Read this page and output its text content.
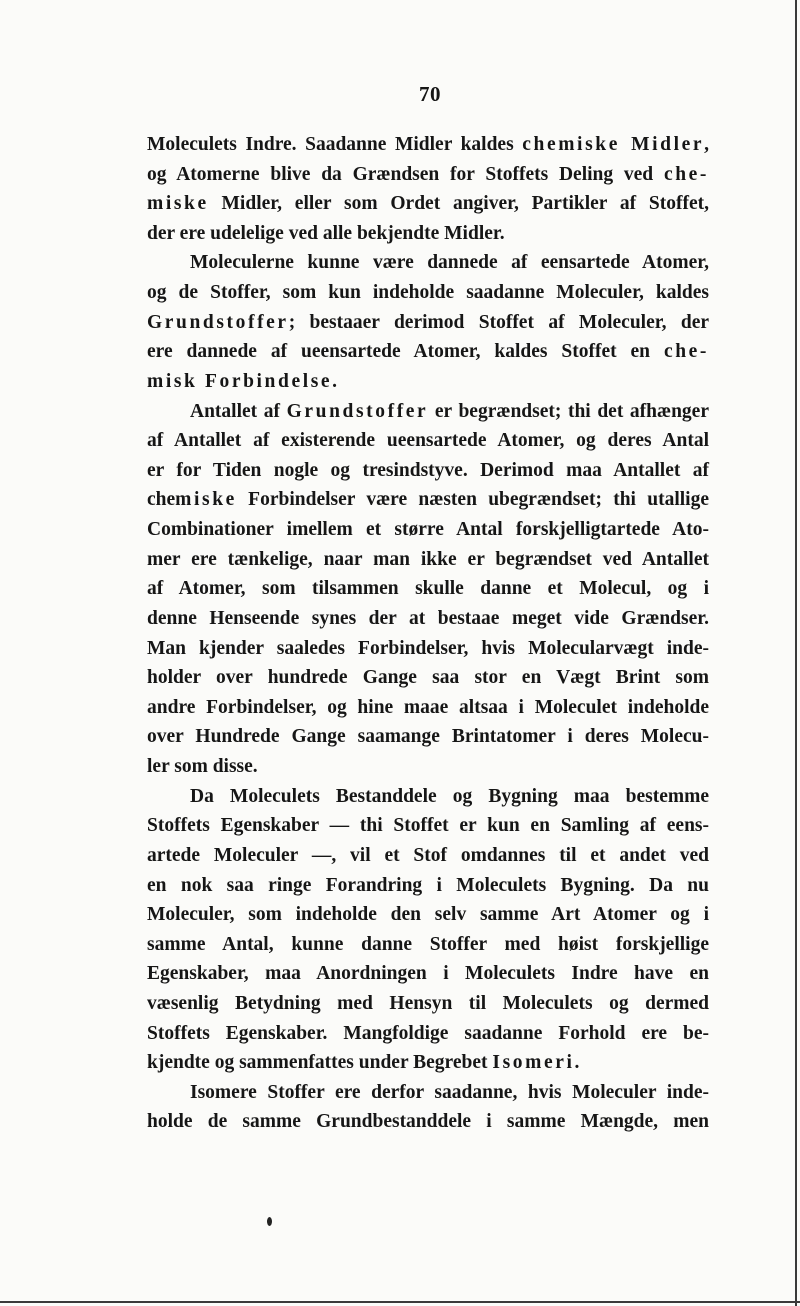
70
Moleculets Indre. Saadanne Midler kaldes chemiske Midler,
og Atomerne blive da Grændsen for Stoffets Deling ved che-
miske Midler, eller som Ordet angiver, Partikler af Stoffet,
der ere udelelige ved alle bekjendte Midler.
Moleculerne kunne være dannede af eensartede Atomer,
og de Stoffer, som kun indeholde saadanne Moleculer, kaldes
Grundstoffer; bestaaer derimod Stoffet af Moleculer, der
ere dannede af ueensartede Atomer, kaldes Stoffet en che-
misk Forbindelse.
Antallet af Grundstoffer er begrændset; thi det afhænger
af Antallet af existerende ueensartede Atomer, og deres Antal
er for Tiden nogle og tresindstyve. Derimod maa Antallet af
chemiske Forbindelser være næsten ubegrændset; thi utallige
Combinationer imellem et større Antal forskjelligtartede Ato-
mer ere tænkelige, naar man ikke er begrændset ved Antallet
af Atomer, som tilsammen skulle danne et Molecul, og i
denne Henseende synes der at bestaae meget vide Grændser.
Man kjender saaledes Forbindelser, hvis Molecularvægt inde-
holder over hundrede Gange saa stor en Vægt Brint som
andre Forbindelser, og hine maae altsaa i Moleculet indeholde
over Hundrede Gange saamange Brintatomer i deres Molecu-
ler som disse.
Da Moleculets Bestanddele og Bygning maa bestemme
Stoffets Egenskaber — thi Stoffet er kun en Samling af eens-
artede Moleculer —, vil et Stof omdannes til et andet ved
en nok saa ringe Forandring i Moleculets Bygning. Da nu
Moleculer, som indeholde den selv samme Art Atomer og i
samme Antal, kunne danne Stoffer med høist forskjellige
Egenskaber, maa Anordningen i Moleculets Indre have en
væsenlig Betydning med Hensyn til Moleculets og dermed
Stoffets Egenskaber. Mangfoldige saadanne Forhold ere be-
kjendte og sammenfattes under Begrebet Isomeri.
Isomere Stoffer ere derfor saadanne, hvis Moleculer inde-
holde de samme Grundbestanddele i samme Mængde, men
